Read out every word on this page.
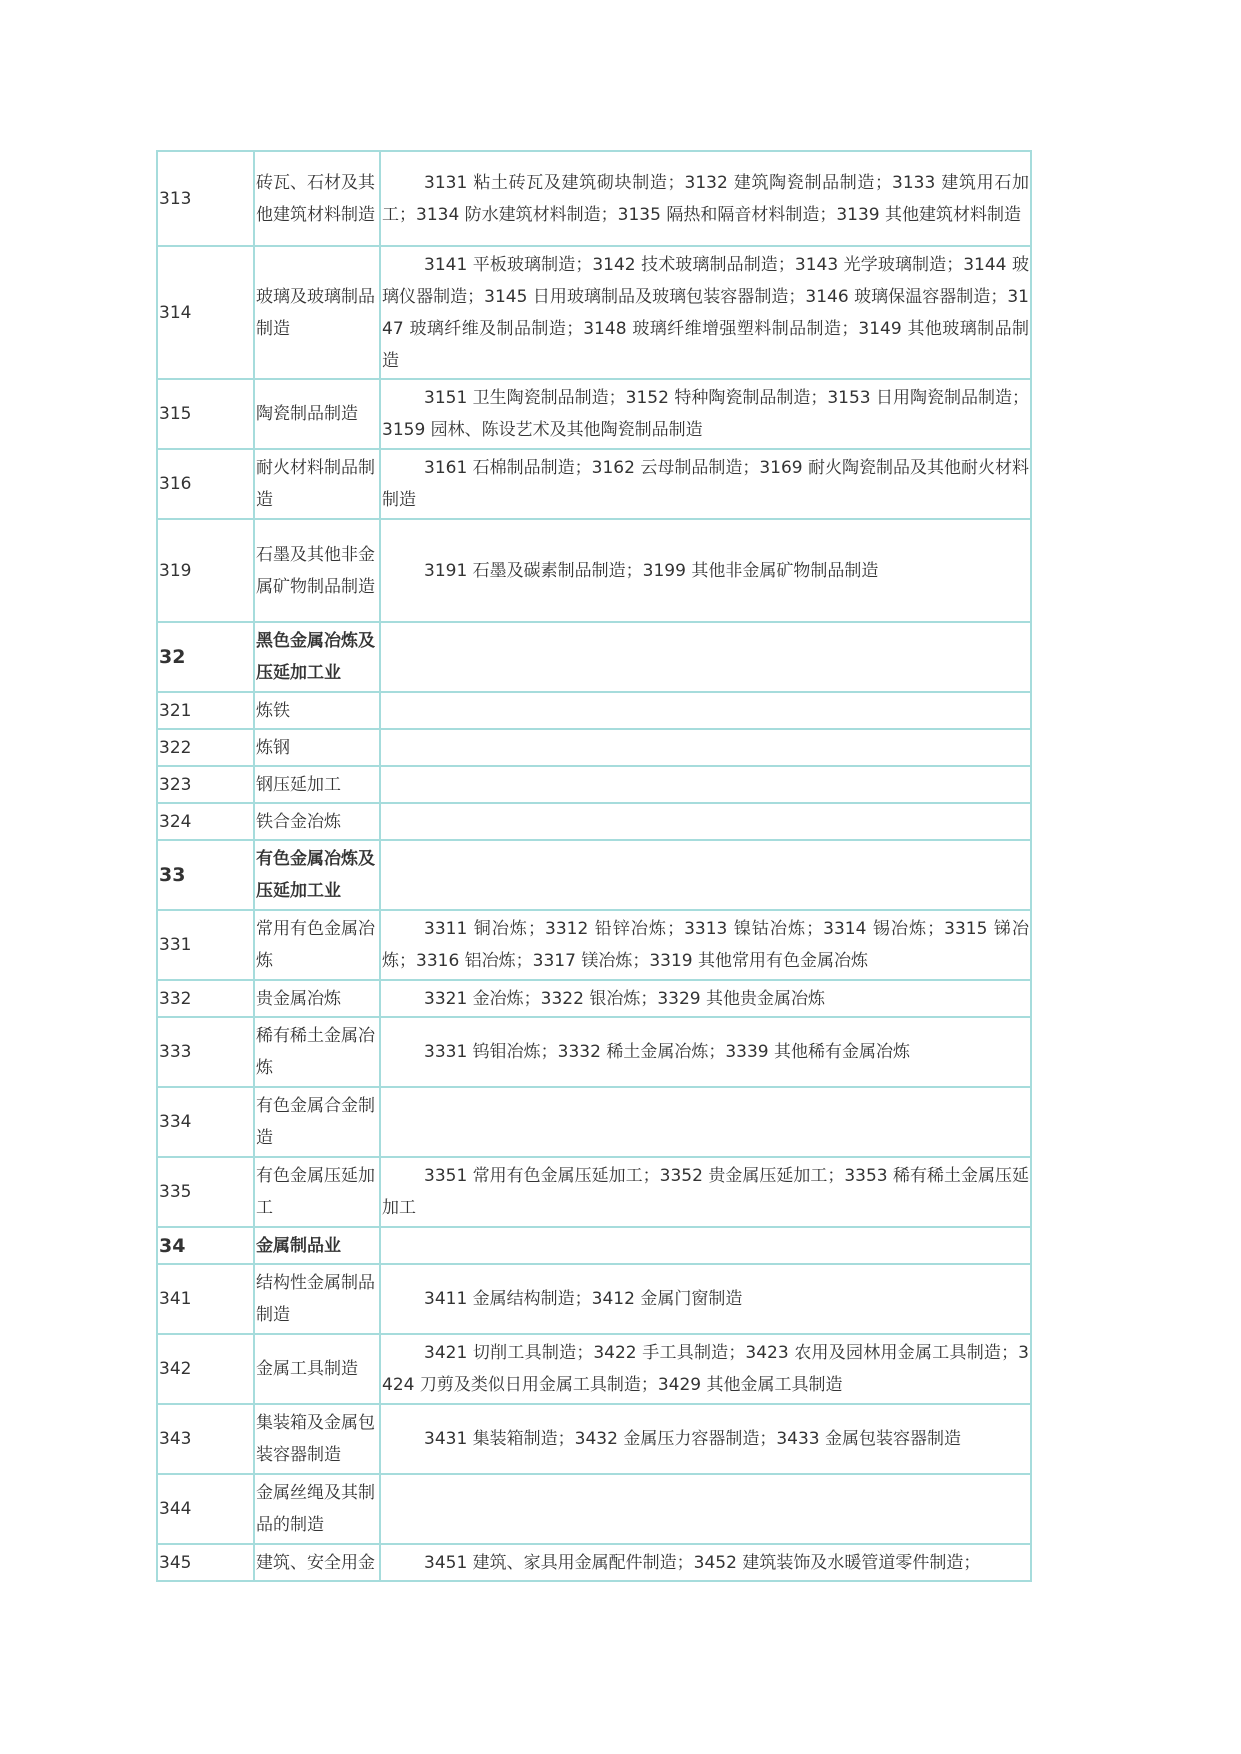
313	砖瓦、石材及其他建筑材料制造	3131 粘土砖瓦及建筑砌块制造；3132 建筑陶瓷制品制造；3133 建筑用石加工；3134 防水建筑材料制造；3135 隔热和隔音材料制造；3139 其他建筑材料制造
314	玻璃及玻璃制品制造	3141 平板玻璃制造；3142 技术玻璃制品制造；3143 光学玻璃制造；3144 玻璃仪器制造；3145 日用玻璃制品及玻璃包装容器制造；3146 玻璃保温容器制造；3147 玻璃纤维及制品制造；3148 玻璃纤维增强塑料制品制造；3149 其他玻璃制品制造
315	陶瓷制品制造	3151 卫生陶瓷制品制造；3152 特种陶瓷制品制造；3153 日用陶瓷制品制造；3159 园林、陈设艺术及其他陶瓷制品制造
316	耐火材料制品制造	3161 石棉制品制造；3162 云母制品制造；3169 耐火陶瓷制品及其他耐火材料制造
319	石墨及其他非金属矿物制品制造	3191 石墨及碳素制品制造；3199 其他非金属矿物制品制造
32	黑色金属冶炼及压延加工业	
321	炼铁	
322	炼钢	
323	钢压延加工	
324	铁合金冶炼	
33	有色金属冶炼及压延加工业	
331	常用有色金属冶炼	3311 铜冶炼；3312 铅锌冶炼；3313 镍钴冶炼；3314 锡冶炼；3315 锑冶炼；3316 铝冶炼；3317 镁冶炼；3319 其他常用有色金属冶炼
332	贵金属冶炼	3321 金冶炼；3322 银冶炼；3329 其他贵金属冶炼
333	稀有稀土金属冶炼	3331 钨钼冶炼；3332 稀土金属冶炼；3339 其他稀有金属冶炼
334	有色金属合金制造	
335	有色金属压延加工	3351 常用有色金属压延加工；3352 贵金属压延加工；3353 稀有稀土金属压延加工
34	金属制品业	
341	结构性金属制品制造	3411 金属结构制造；3412 金属门窗制造
342	金属工具制造	3421 切削工具制造；3422 手工具制造；3423 农用及园林用金属工具制造；3424 刀剪及类似日用金属工具制造；3429 其他金属工具制造
343	集装箱及金属包装容器制造	3431 集装箱制造；3432 金属压力容器制造；3433 金属包装容器制造
344	金属丝绳及其制品的制造	
345	建筑、安全用金	3451 建筑、家具用金属配件制造；3452 建筑装饰及水暖管道零件制造；
